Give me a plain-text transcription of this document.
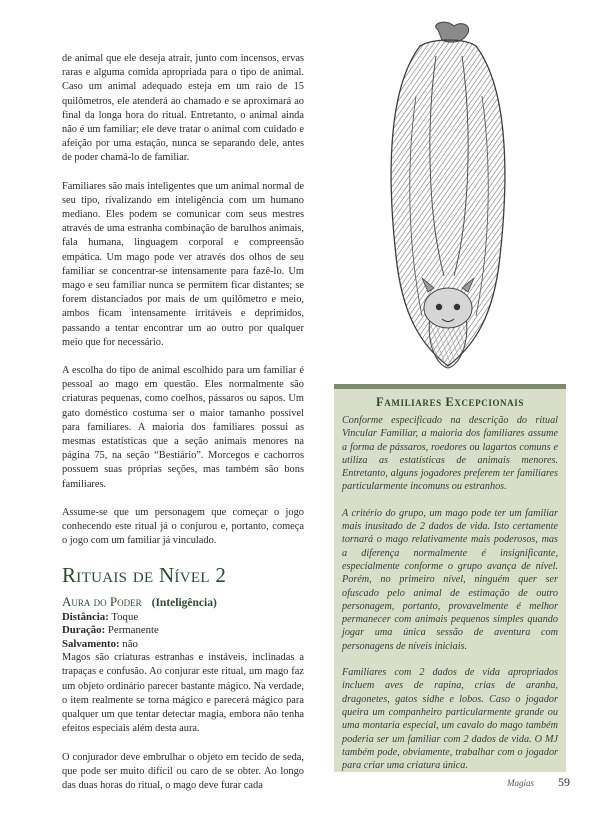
de animal que ele deseja atrair, junto com incensos, ervas raras e alguma comida apropriada para o tipo de animal. Caso um animal adequado esteja em um raio de 15 quilômetros, ele atenderá ao chamado e se aproximará ao final da longa hora do ritual. Entretanto, o animal ainda não é um familiar; ele deve tratar o animal com cuidado e afeição por uma estação, nunca se separando dele, antes de poder chamá-lo de familiar.

Familiares são mais inteligentes que um animal normal de seu tipo, rivalizando em inteligência com um humano mediano. Eles podem se comunicar com seus mestres através de uma estranha combinação de barulhos animais, fala humana, linguagem corporal e compreensão empática. Um mago pode ver através dos olhos de seu familiar se concentrar-se intensamente para fazê-lo. Um mago e seu familiar nunca se permitem ficar distantes; se forem distanciados por mais de um quilômetro e meio, ambos ficam intensamente irritáveis e deprimidos, passando a tentar encontrar um ao outro por qualquer meio que for necessário.

A escolha do tipo de animal escolhido para um familiar é pessoal ao mago em questão. Eles normalmente são criaturas pequenas, como coelhos, pássaros ou sapos. Um gato doméstico costuma ser o maior tamanho possível para familiares. A maioria dos familiares possui as mesmas estatísticas que a seção animais menores na página 75, na seção “Bestiário”. Morcegos e cachorros possuem suas próprias seções, mas também são bons familiares.

Assume-se que um personagem que começar o jogo conhecendo este ritual já o conjurou e, portanto, começa o jogo com um familiar já vinculado.

Rituais de Nível 2
Aura do Poder (Inteligência)

Distância: Toque

Duração: Permanente

Salvamento: não

Magos são criaturas estranhas e instáveis, inclinadas a trapaças e confusão. Ao conjurar este ritual, um mago faz um objeto ordinário parecer bastante mágico. Na verdade, o item realmente se torna mágico e parecerá mágico para qualquer um que tentar detectar magia, embora não tenha efeitos especiais além desta aura.

O conjurador deve embrulhar o objeto em tecido de seda, que pode ser muito difícil ou caro de se obter. Ao longo das duas horas do ritual, o mago deve furar cada

Familiares Excepcionais

Conforme especificado na descrição do ritual Vincular Familiar, a maioria dos familiares assume a forma de pássaros, roedores ou lagartos comuns e utiliza as estatísticas de animais menores. Entretanto, alguns jogadores preferem ter familiares particularmente incomuns ou estranhos.

A critério do grupo, um mago pode ter um familiar mais inusitado de 2 dados de vida. Isto certamente tornará o mago relativamente mais poderosos, mas a diferença normalmente é insignificante, especialmente conforme o grupo avança de nível. Porém, no primeiro nível, ninguém quer ser ofuscado pelo animal de estimação de outro personagem, portanto, provavelmente é melhor permanecer com animais pequenos simples quando jogar uma única sessão de aventura com personagens de níveis iniciais.

Familiares com 2 dados de vida apropriados incluem aves de rapina, crias de aranha, dragonetes, gatos sidhe e lobos. Caso o jogador queira um companheiro particularmente grande ou uma montaria especial, um cavalo do mago também poderia ser um familiar com 2 dados de vida. O MJ também pode, obviamente, trabalhar com o jogador para criar uma criatura única.

Magias 59
